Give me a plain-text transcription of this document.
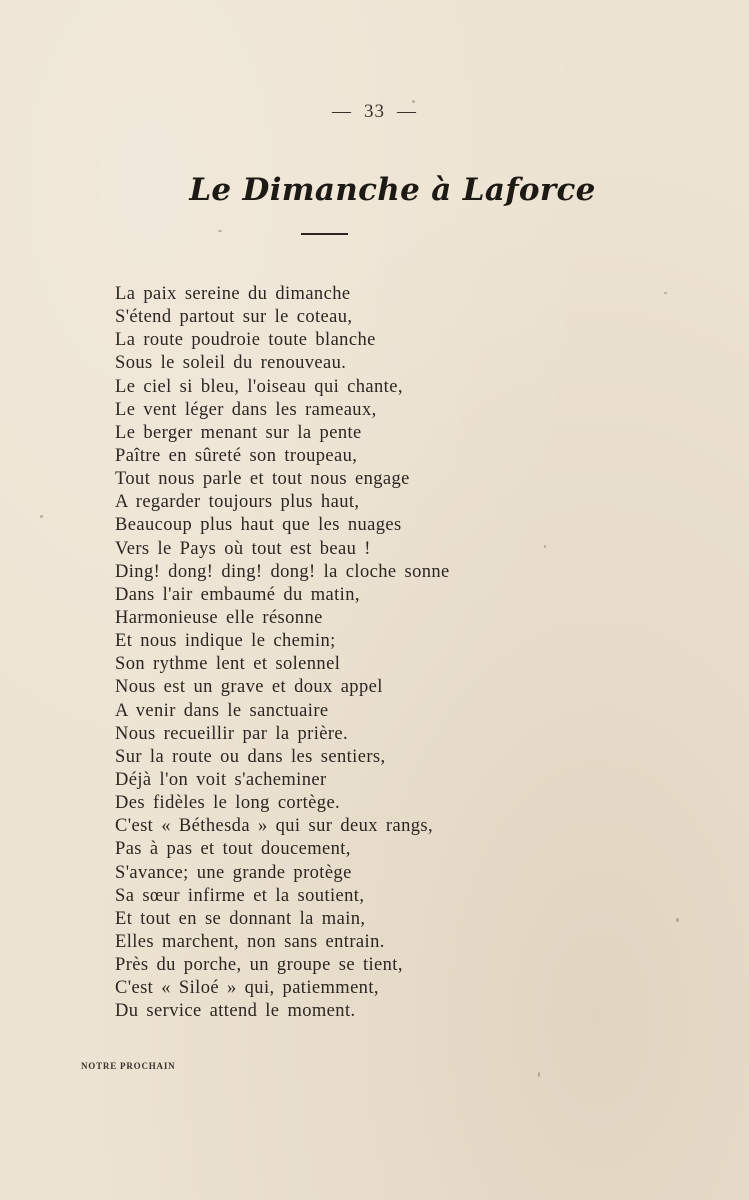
— 33 —
Le Dimanche à Laforce
La paix sereine du dimanche
S'étend partout sur le coteau,
La route poudroie toute blanche
Sous le soleil du renouveau.
Le ciel si bleu, l'oiseau qui chante,
Le vent léger dans les rameaux,
Le berger menant sur la pente
Paître en sûreté son troupeau,
Tout nous parle et tout nous engage
A regarder toujours plus haut,
Beaucoup plus haut que les nuages
Vers le Pays où tout est beau !
Ding! dong! ding! dong! la cloche sonne
Dans l'air embaumé du matin,
Harmonieuse elle résonne
Et nous indique le chemin;
Son rythme lent et solennel
Nous est un grave et doux appel
A venir dans le sanctuaire
Nous recueillir par la prière.
Sur la route ou dans les sentiers,
Déjà l'on voit s'acheminer
Des fidèles le long cortège.
C'est « Béthesda » qui sur deux rangs,
Pas à pas et tout doucement,
S'avance; une grande protège
Sa sœur infirme et la soutient,
Et tout en se donnant la main,
Elles marchent, non sans entrain.
Près du porche, un groupe se tient,
C'est « Siloé » qui, patiemment,
Du service attend le moment.
NOTRE PROCHAIN
